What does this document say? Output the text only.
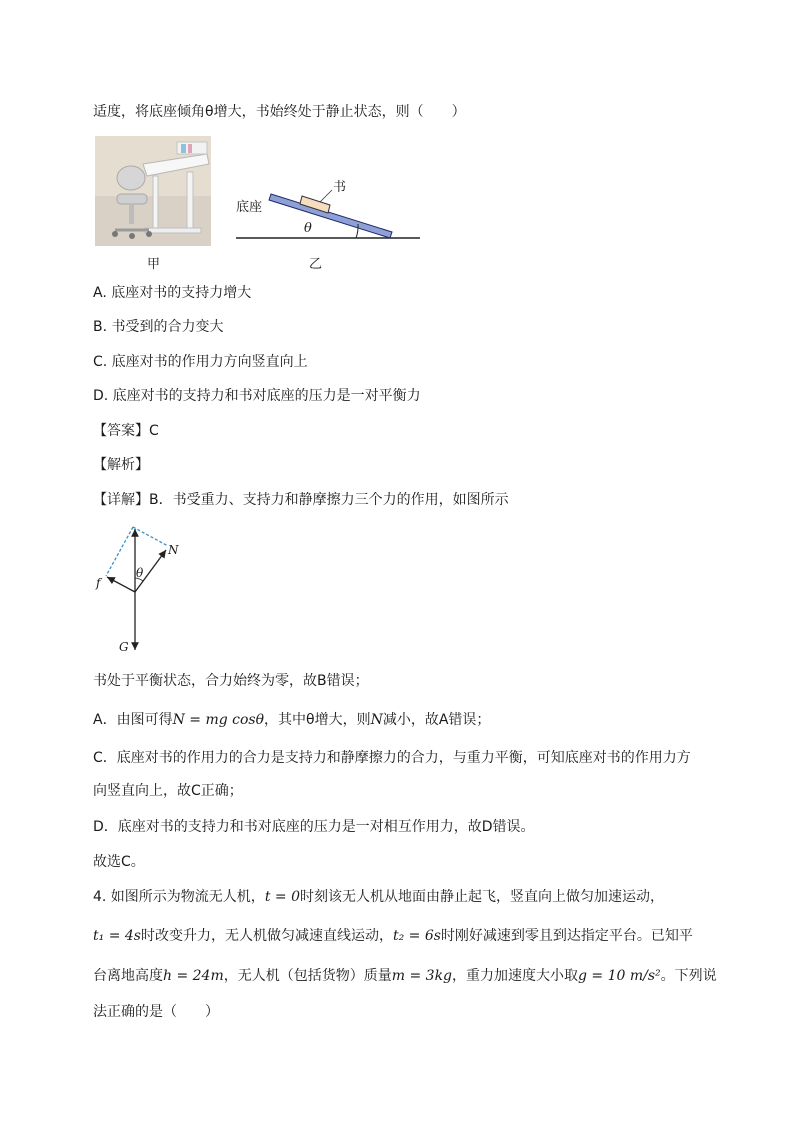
适度，将底座倾角θ增大，书始终处于静止状态，则（　　）
书
底座
θ
甲	乙
A. 底座对书的支持力增大
B. 书受到的合力变大
C. 底座对书的作用力方向竖直向上
D. 底座对书的支持力和书对底座的压力是一对平衡力
【答案】C
【解析】
【详解】B．书受重力、支持力和静摩擦力三个力的作用，如图所示
N
θ
f
G
书处于平衡状态，合力始终为零，故B错误；
A．由图可得N = mg cosθ，其中θ增大，则N减小，故A错误；
C．底座对书的作用力的合力是支持力和静摩擦力的合力，与重力平衡，可知底座对书的作用力方
向竖直向上，故C正确；
D．底座对书的支持力和书对底座的压力是一对相互作用力，故D错误。
故选C。
4. 如图所示为物流无人机，t = 0时刻该无人机从地面由静止起飞，竖直向上做匀加速运动，
t₁ = 4s时改变升力，无人机做匀减速直线运动，t₂ = 6s时刚好减速到零且到达指定平台。已知平
台离地高度h = 24m，无人机（包括货物）质量m = 3kg，重力加速度大小取g = 10 m/s²。下列说
法正确的是（　　）
